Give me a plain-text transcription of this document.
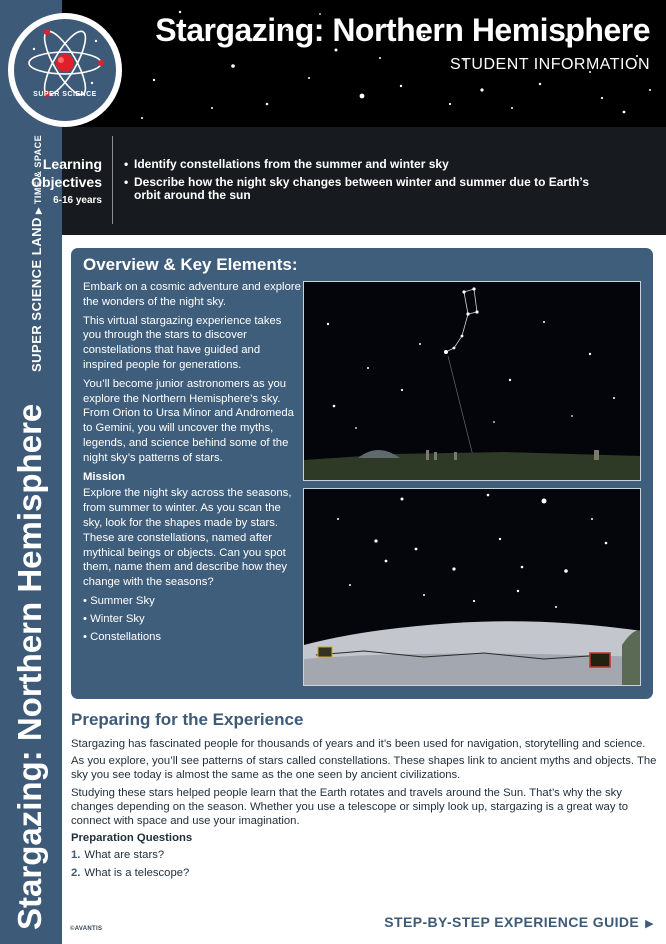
Stargazing: Northern Hemisphere
SUPER SCIENCE LAND▶TIME & SPACE
Stargazing: Northern Hemisphere
STUDENT INFORMATION
SUPER SCIENCE
Learning
Objectives
6-16 years
• Identify constellations from the summer and winter sky
• Describe how the night sky changes between winter and summer due to Earth’s orbit around the sun
Overview & Key Elements:

Embark on a cosmic adventure and explore the wonders of the night sky.

This virtual stargazing experience takes you through the stars to discover constellations that have guided and inspired people for generations.

You’ll become junior astronomers as you explore the Northern Hemisphere’s sky. From Orion to Ursa Minor and Andromeda to Gemini, you will uncover the myths, legends, and science behind some of the night sky’s patterns of stars.

Mission

Explore the night sky across the seasons, from summer to winter. As you scan the sky, look for the shapes made by stars. These are constellations, named after mythical beings or objects. Can you spot them, name them and describe how they change with the seasons?

• Summer Sky
• Winter Sky
• Constellations
Preparing for the Experience

Stargazing has fascinated people for thousands of years and it’s been used for navigation, storytelling and science.

As you explore, you’ll see patterns of stars called constellations. These shapes link to ancient myths and objects. The sky you see today is almost the same as the one seen by ancient civilizations.

Studying these stars helped people learn that the Earth rotates and travels around the Sun. That’s why the sky changes depending on the season. Whether you use a telescope or simply look up, stargazing is a great way to connect with space and use your imagination.

Preparation Questions

1. What are stars?
2. What is a telescope?
©AVANTIS	STEP-BY-STEP EXPERIENCE GUIDE ▶
